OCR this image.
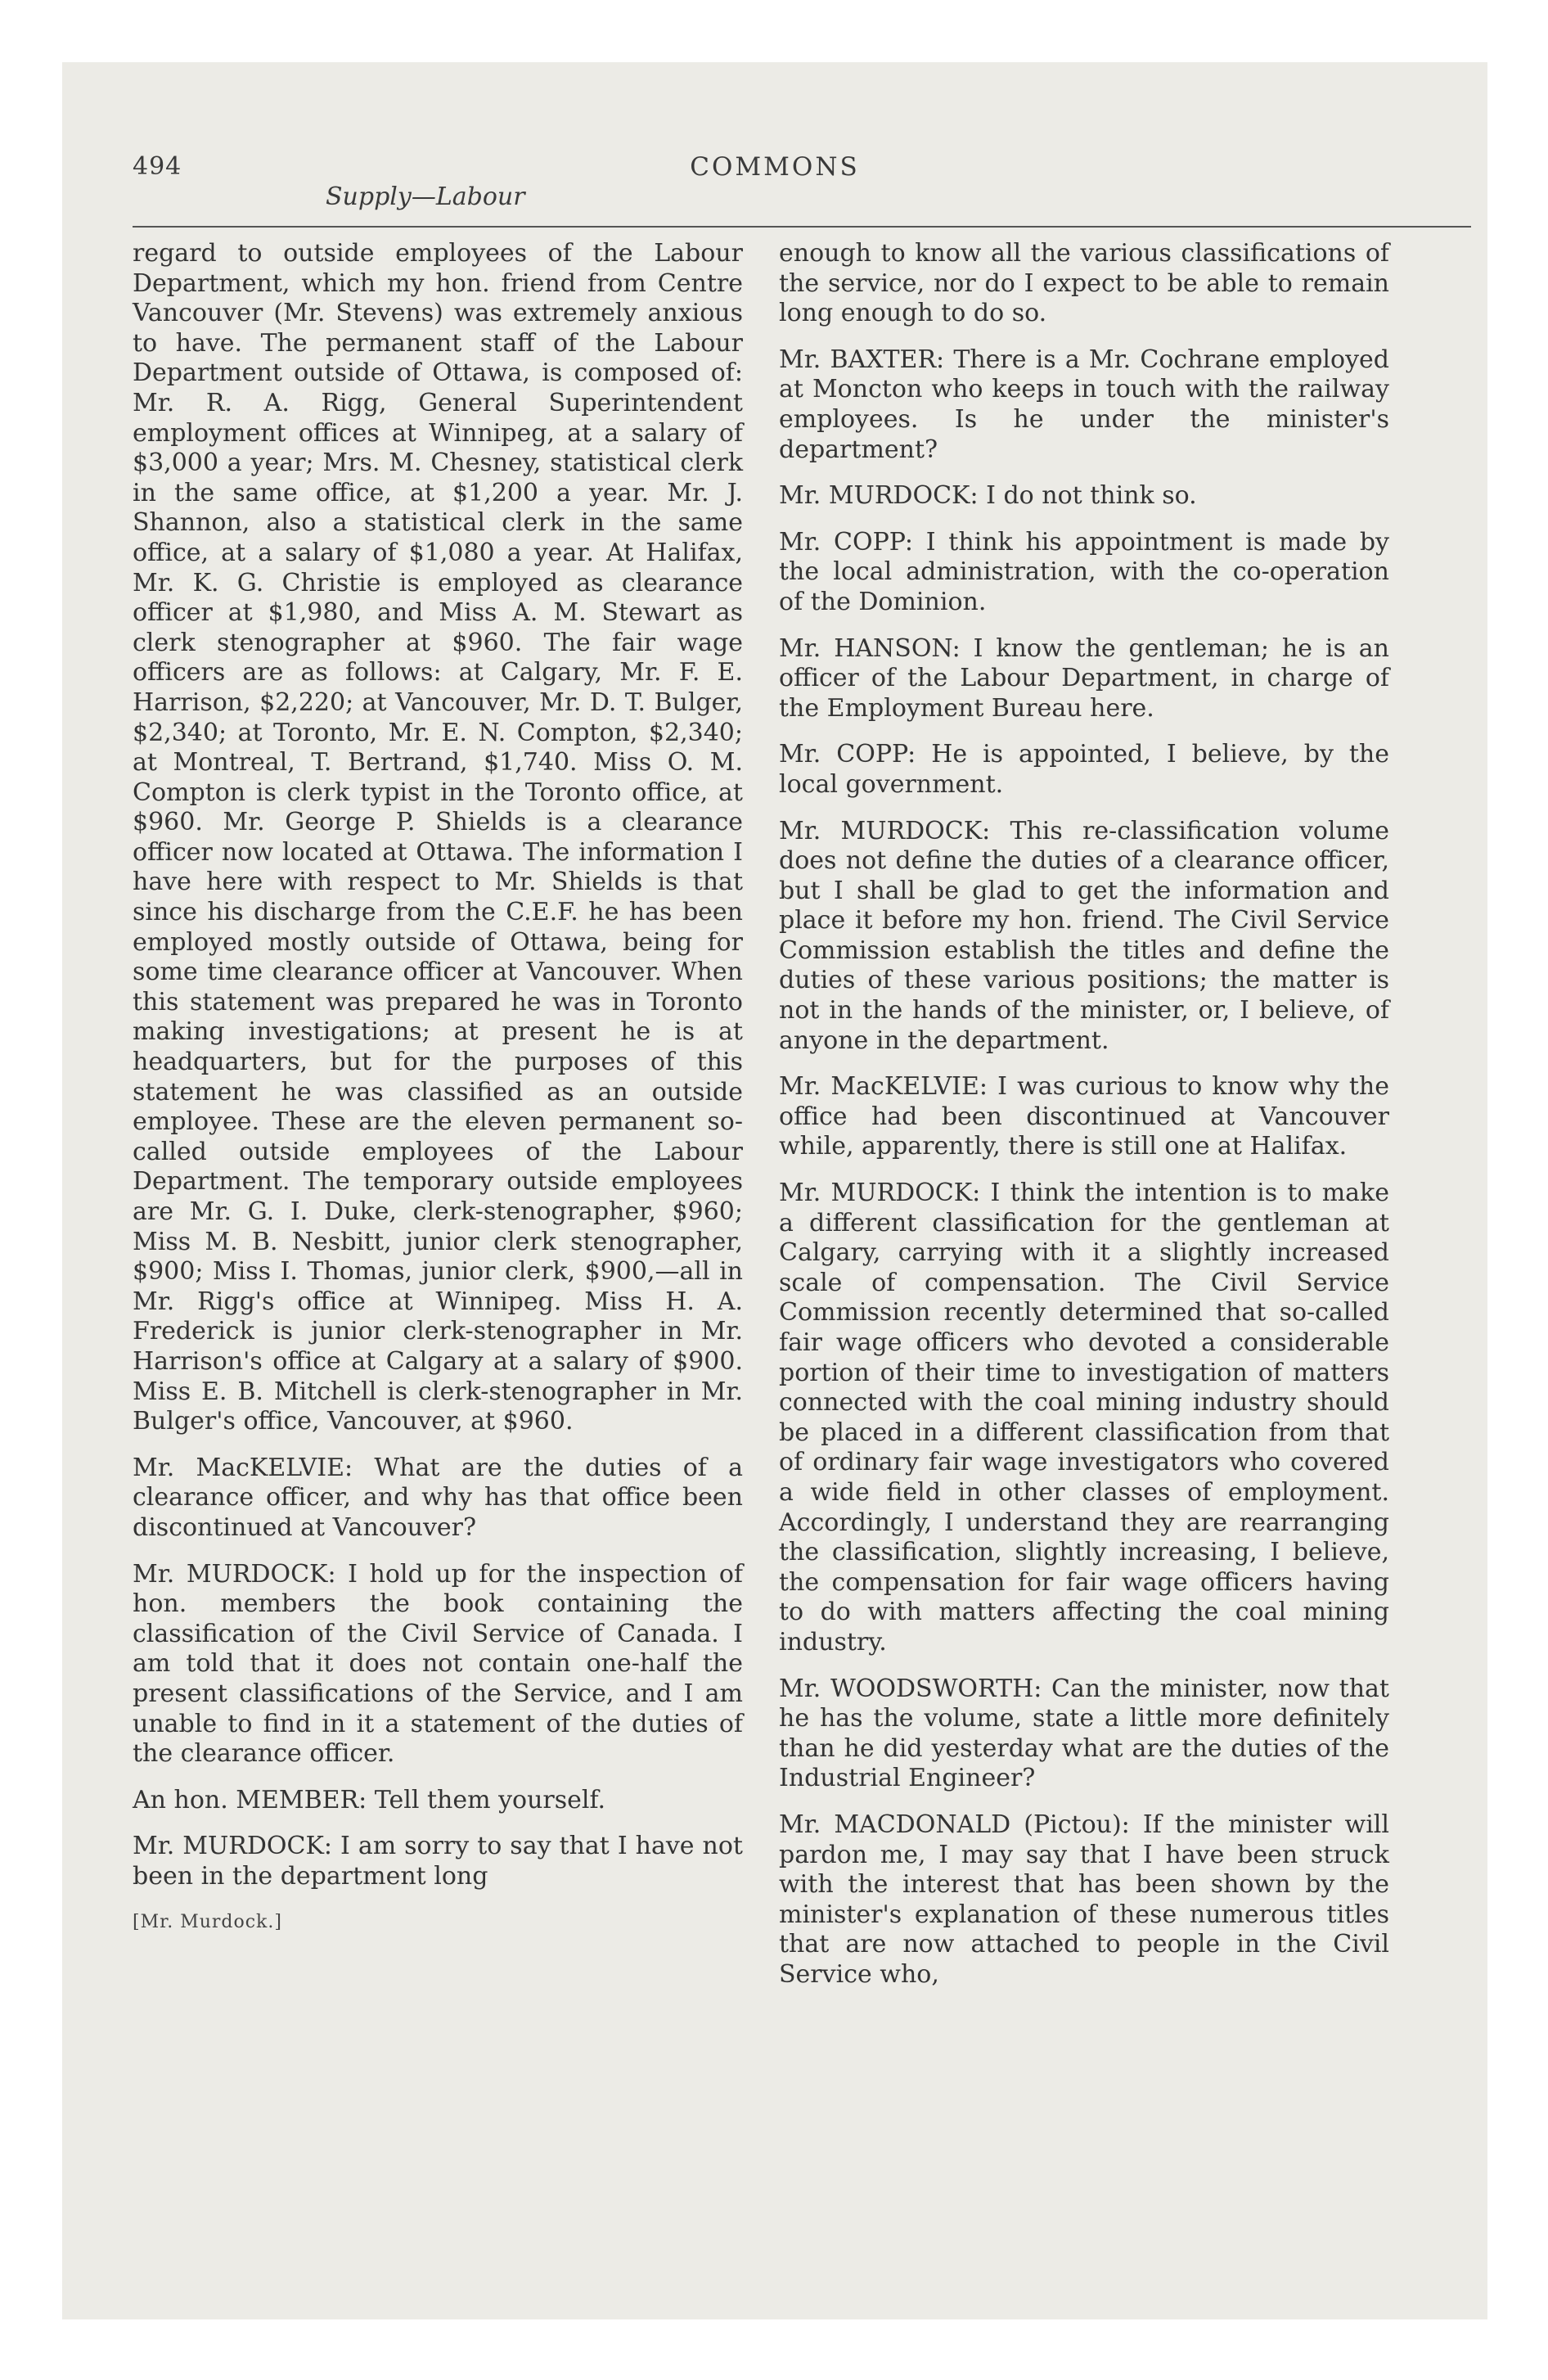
494	COMMONS
Supply—Labour

regard to outside employees of the Labour Department, which my hon. friend from Centre Vancouver (Mr. Stevens) was extremely anxious to have. The permanent staff of the Labour Department outside of Ottawa, is composed of: Mr. R. A. Rigg, General Superintendent employment offices at Winnipeg, at a salary of $3,000 a year; Mrs. M. Chesney, statistical clerk in the same office, at $1,200 a year. Mr. J. Shannon, also a statistical clerk in the same office, at a salary of $1,080 a year. At Halifax, Mr. K. G. Christie is employed as clearance officer at $1,980, and Miss A. M. Stewart as clerk stenographer at $960. The fair wage officers are as follows: at Calgary, Mr. F. E. Harrison, $2,220; at Vancouver, Mr. D. T. Bulger, $2,340; at Toronto, Mr. E. N. Compton, $2,340; at Montreal, T. Bertrand, $1,740. Miss O. M. Compton is clerk typist in the Toronto office, at $960. Mr. George P. Shields is a clearance officer now located at Ottawa. The information I have here with respect to Mr. Shields is that since his discharge from the C.E.F. he has been employed mostly outside of Ottawa, being for some time clearance officer at Vancouver. When this statement was prepared he was in Toronto making investigations; at present he is at headquarters, but for the purposes of this statement he was classified as an outside employee. These are the eleven permanent so-called outside employees of the Labour Department. The temporary outside employees are Mr. G. I. Duke, clerk-stenographer, $960; Miss M. B. Nesbitt, junior clerk stenographer, $900; Miss I. Thomas, junior clerk, $900,—all in Mr. Rigg's office at Winnipeg. Miss H. A. Frederick is junior clerk-stenographer in Mr. Harrison's office at Calgary at a salary of $900. Miss E. B. Mitchell is clerk-stenographer in Mr. Bulger's office, Vancouver, at $960.

Mr. MacKELVIE: What are the duties of a clearance officer, and why has that office been discontinued at Vancouver?

Mr. MURDOCK: I hold up for the inspection of hon. members the book containing the classification of the Civil Service of Canada. I am told that it does not contain one-half the present classifications of the Service, and I am unable to find in it a statement of the duties of the clearance officer.

An hon. MEMBER: Tell them yourself.

Mr. MURDOCK: I am sorry to say that I have not been in the department long

[Mr. Murdock.]

enough to know all the various classifications of the service, nor do I expect to be able to remain long enough to do so.

Mr. BAXTER: There is a Mr. Cochrane employed at Moncton who keeps in touch with the railway employees. Is he under the minister's department?

Mr. MURDOCK: I do not think so.

Mr. COPP: I think his appointment is made by the local administration, with the co-operation of the Dominion.

Mr. HANSON: I know the gentleman; he is an officer of the Labour Department, in charge of the Employment Bureau here.

Mr. COPP: He is appointed, I believe, by the local government.

Mr. MURDOCK: This re-classification volume does not define the duties of a clearance officer, but I shall be glad to get the information and place it before my hon. friend. The Civil Service Commission establish the titles and define the duties of these various positions; the matter is not in the hands of the minister, or, I believe, of anyone in the department.

Mr. MacKELVIE: I was curious to know why the office had been discontinued at Vancouver while, apparently, there is still one at Halifax.

Mr. MURDOCK: I think the intention is to make a different classification for the gentleman at Calgary, carrying with it a slightly increased scale of compensation. The Civil Service Commission recently determined that so-called fair wage officers who devoted a considerable portion of their time to investigation of matters connected with the coal mining industry should be placed in a different classification from that of ordinary fair wage investigators who covered a wide field in other classes of employment. Accordingly, I understand they are rearranging the classification, slightly increasing, I believe, the compensation for fair wage officers having to do with matters affecting the coal mining industry.

Mr. WOODSWORTH: Can the minister, now that he has the volume, state a little more definitely than he did yesterday what are the duties of the Industrial Engineer?

Mr. MACDONALD (Pictou): If the minister will pardon me, I may say that I have been struck with the interest that has been shown by the minister's explanation of these numerous titles that are now attached to people in the Civil Service who,
